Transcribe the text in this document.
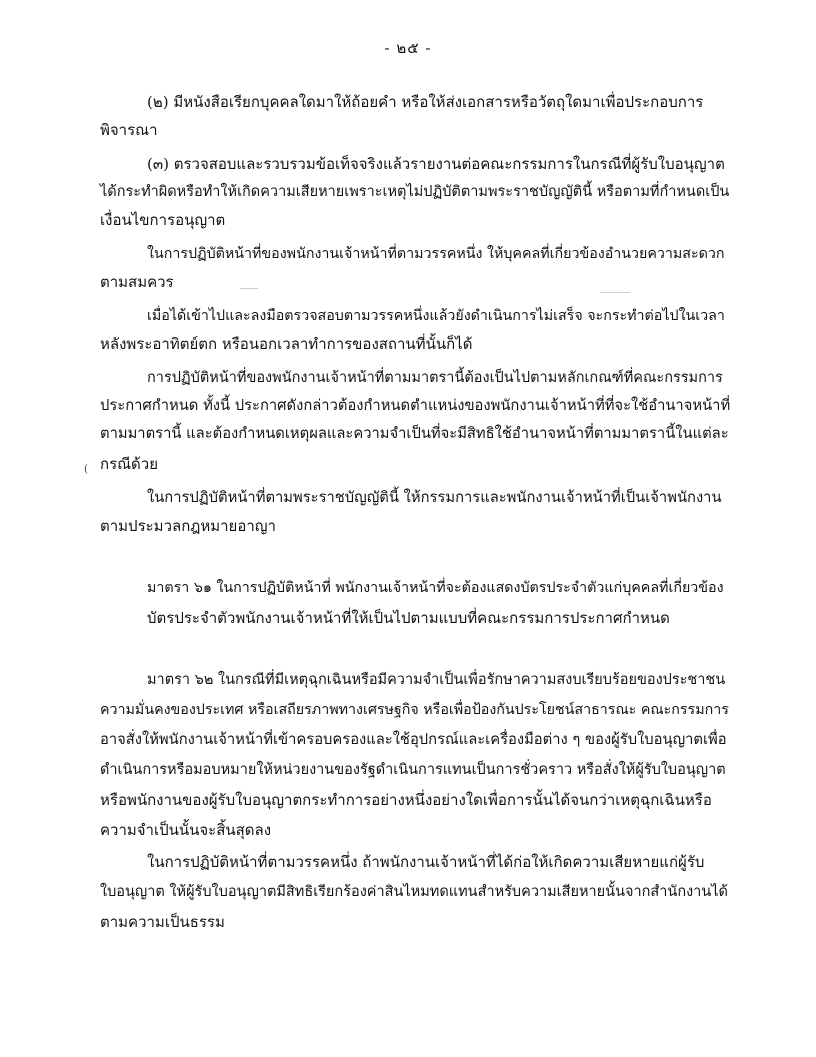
- ๒๕ -
(๒) มีหนังสือเรียกบุคคลใดมาให้ถ้อยคำ หรือให้ส่งเอกสารหรือวัตถุใดมาเพื่อประกอบการ
พิจารณา
(๓) ตรวจสอบและรวบรวมข้อเท็จจริงแล้วรายงานต่อคณะกรรมการในกรณีที่ผู้รับใบอนุญาต
ได้กระทำผิดหรือทำให้เกิดความเสียหายเพราะเหตุไม่ปฏิบัติตามพระราชบัญญัตินี้ หรือตามที่กำหนดเป็น
เงื่อนไขการอนุญาต
ในการปฏิบัติหน้าที่ของพนักงานเจ้าหน้าที่ตามวรรคหนึ่ง ให้บุคคลที่เกี่ยวข้องอำนวยความสะดวก
ตามสมควร
เมื่อได้เข้าไปและลงมือตรวจสอบตามวรรคหนึ่งแล้วยังดำเนินการไม่เสร็จ จะกระทำต่อไปในเวลา
หลังพระอาทิตย์ตก หรือนอกเวลาทำการของสถานที่นั้นก็ได้
การปฏิบัติหน้าที่ของพนักงานเจ้าหน้าที่ตามมาตรานี้ต้องเป็นไปตามหลักเกณฑ์ที่คณะกรรมการ
ประกาศกำหนด ทั้งนี้ ประกาศดังกล่าวต้องกำหนดตำแหน่งของพนักงานเจ้าหน้าที่ที่จะใช้อำนาจหน้าที่
ตามมาตรานี้ และต้องกำหนดเหตุผลและความจำเป็นที่จะมีสิทธิใช้อำนาจหน้าที่ตามมาตรานี้ในแต่ละ
กรณีด้วย
(
ในการปฏิบัติหน้าที่ตามพระราชบัญญัตินี้ ให้กรรมการและพนักงานเจ้าหน้าที่เป็นเจ้าพนักงาน
ตามประมวลกฎหมายอาญา
มาตรา ๖๑ ในการปฏิบัติหน้าที่ พนักงานเจ้าหน้าที่จะต้องแสดงบัตรประจำตัวแก่บุคคลที่เกี่ยวข้อง
บัตรประจำตัวพนักงานเจ้าหน้าที่ให้เป็นไปตามแบบที่คณะกรรมการประกาศกำหนด
มาตรา ๖๒ ในกรณีที่มีเหตุฉุกเฉินหรือมีความจำเป็นเพื่อรักษาความสงบเรียบร้อยของประชาชน
ความมั่นคงของประเทศ หรือเสถียรภาพทางเศรษฐกิจ หรือเพื่อป้องกันประโยชน์สาธารณะ คณะกรรมการ
อาจสั่งให้พนักงานเจ้าหน้าที่เข้าครอบครองและใช้อุปกรณ์และเครื่องมือต่าง ๆ ของผู้รับใบอนุญาตเพื่อ
ดำเนินการหรือมอบหมายให้หน่วยงานของรัฐดำเนินการแทนเป็นการชั่วคราว หรือสั่งให้ผู้รับใบอนุญาต
หรือพนักงานของผู้รับใบอนุญาตกระทำการอย่างหนึ่งอย่างใดเพื่อการนั้นได้จนกว่าเหตุฉุกเฉินหรือ
ความจำเป็นนั้นจะสิ้นสุดลง
ในการปฏิบัติหน้าที่ตามวรรคหนึ่ง ถ้าพนักงานเจ้าหน้าที่ได้ก่อให้เกิดความเสียหายแก่ผู้รับ
ใบอนุญาต ให้ผู้รับใบอนุญาตมีสิทธิเรียกร้องค่าสินไหมทดแทนสำหรับความเสียหายนั้นจากสำนักงานได้
ตามความเป็นธรรม
